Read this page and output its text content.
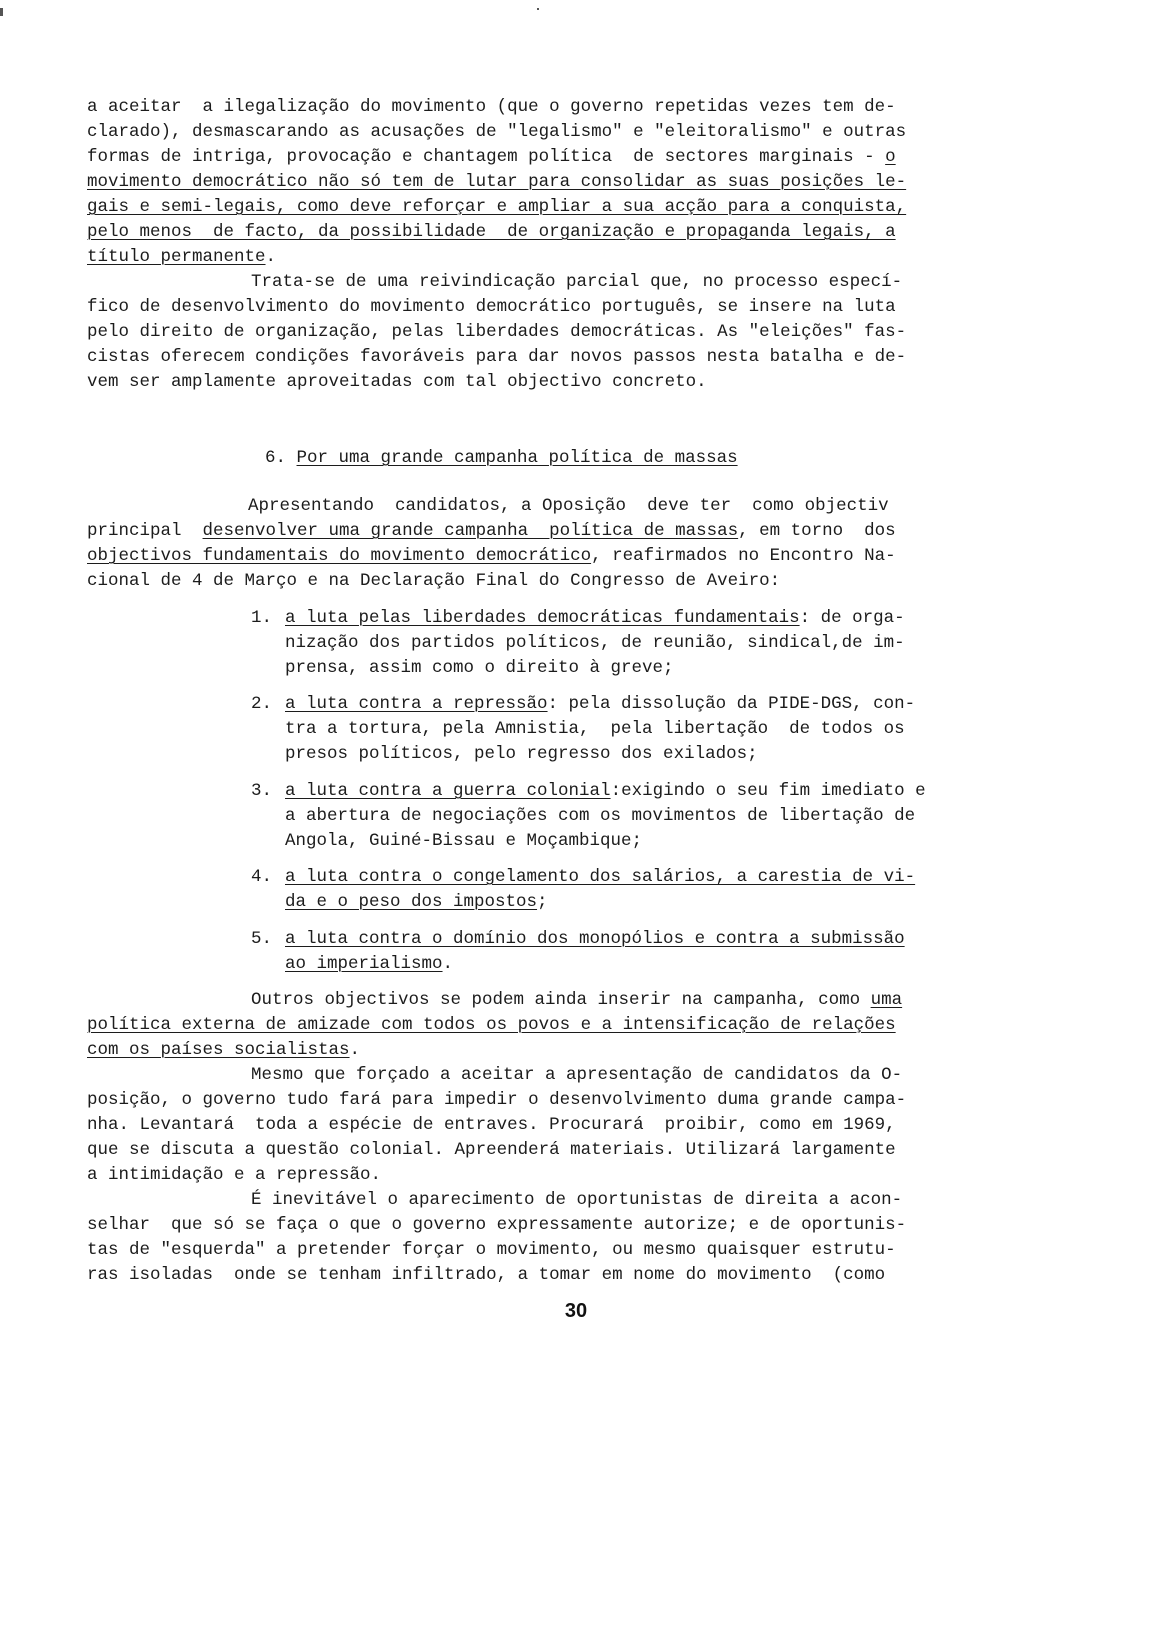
a aceitar  a ilegalização do movimento (que o governo repetidas vezes tem de-
clarado), desmascarando as acusações de "legalismo" e "eleitoralismo" e outras
formas de intriga, provocação e chantagem política  de sectores marginais - o
movimento democrático não só tem de lutar para consolidar as suas posições le-
gais e semi-legais, como deve reforçar e ampliar a sua acção para a conquista,
pelo menos  de facto, da possibilidade  de organização e propaganda legais, a
título permanente.
Trata-se de uma reivindicação parcial que, no processo especí-
fico de desenvolvimento do movimento democrático português, se insere na luta
pelo direito de organização, pelas liberdades democráticas. As "eleições" fas-
cistas oferecem condições favoráveis para dar novos passos nesta batalha e de-
vem ser amplamente aproveitadas com tal objectivo concreto.
6. Por uma grande campanha política de massas
Apresentando  candidatos, a Oposição  deve ter  como objectiv
principal  desenvolver uma grande campanha  política de massas, em torno  dos
objectivos fundamentais do movimento democrático, reafirmados no Encontro Na-
cional de 4 de Março e na Declaração Final do Congresso de Aveiro:
1. a luta pelas liberdades democráticas fundamentais: de orga-
nização dos partidos políticos, de reunião, sindical,de im-
prensa, assim como o direito à greve;
2. a luta contra a repressão: pela dissolução da PIDE-DGS, con-
tra a tortura, pela Amnistia,  pela libertação  de todos os
presos políticos, pelo regresso dos exilados;
3. a luta contra a guerra colonial:exigindo o seu fim imediato e
a abertura de negociações com os movimentos de libertação de
Angola, Guiné-Bissau e Moçambique;
4. a luta contra o congelamento dos salários, a carestia de vi-
da e o peso dos impostos;
5. a luta contra o domínio dos monopólios e contra a submissão
ao imperialismo.
Outros objectivos se podem ainda inserir na campanha, como uma
política externa de amizade com todos os povos e a intensificação de relações
com os países socialistas.
Mesmo que forçado a aceitar a apresentação de candidatos da O-
posição, o governo tudo fará para impedir o desenvolvimento duma grande campa-
nha. Levantará  toda a espécie de entraves. Procurará  proibir, como em 1969,
que se discuta a questão colonial. Apreenderá materiais. Utilizará largamente
a intimidação e a repressão.
É inevitável o aparecimento de oportunistas de direita a acon-
selhar  que só se faça o que o governo expressamente autorize; e de oportunis-
tas de "esquerda" a pretender forçar o movimento, ou mesmo quaisquer estrutu-
ras isoladas  onde se tenham infiltrado, a tomar em nome do movimento  (como
30
